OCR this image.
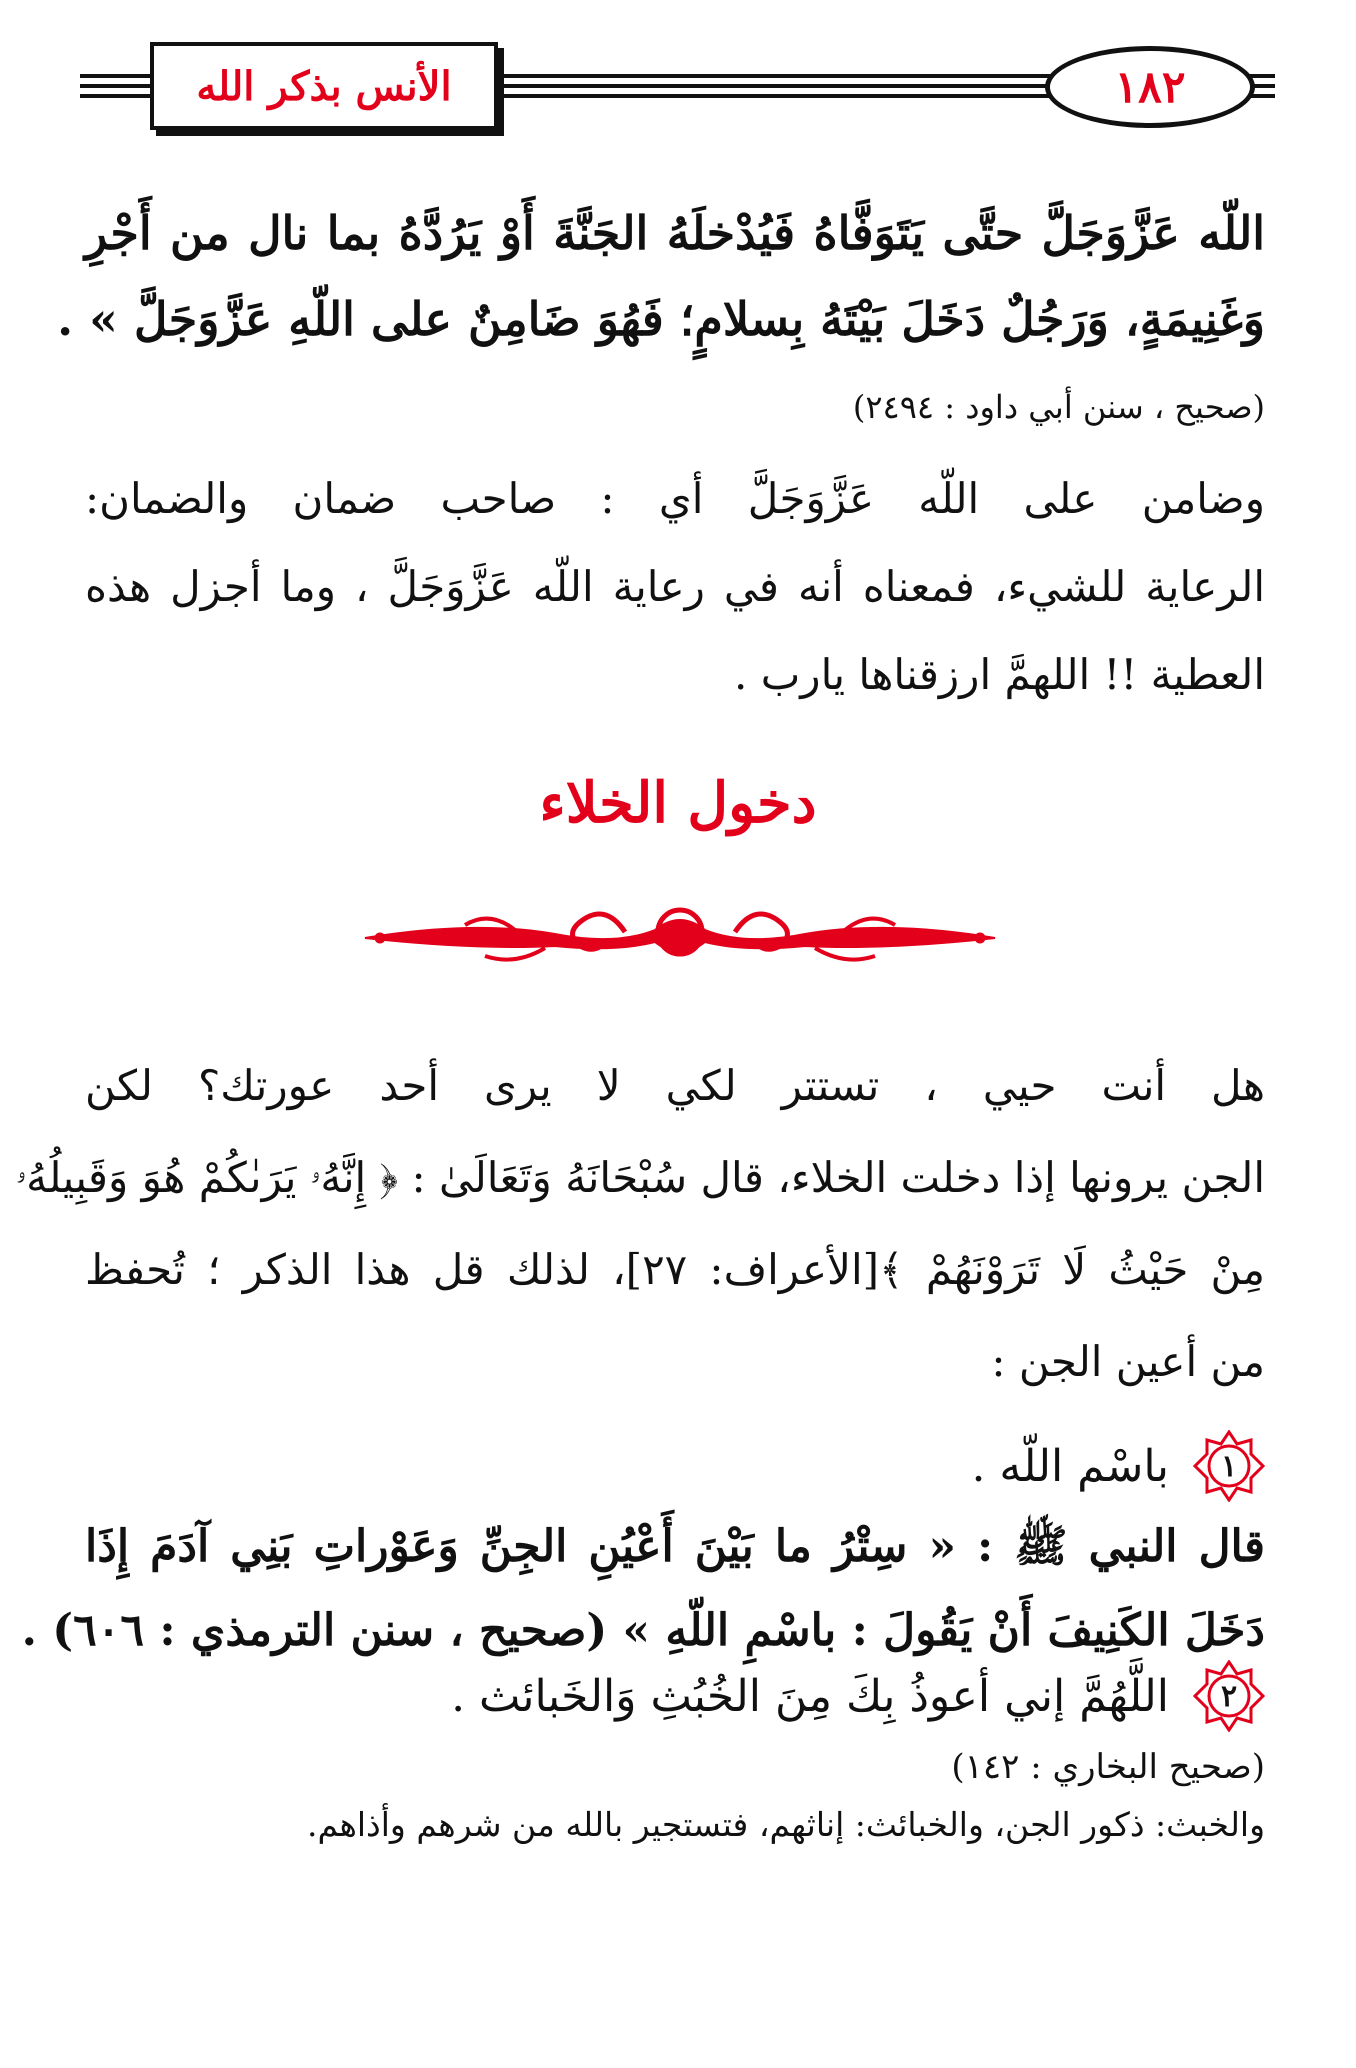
الأنس بذكر الله	١٨٢
اللّه عَزَّوَجَلَّ حتَّى يَتَوَفَّاهُ فَيُدْخلَهُ الجَنَّةَ أَوْ يَرُدَّهُ بما نال من أَجْرِ
وَغَنِيمَةٍ، وَرَجُلٌ دَخَلَ بَيْتَهُ بِسلامٍ؛ فَهُوَ ضَامِنٌ على اللّهِ عَزَّوَجَلَّ » .
(صحيح ، سنن أبي داود : ٢٤٩٤)
وضامن على اللّه عَزَّوَجَلَّ أي : صاحب ضمان والضمان:
الرعاية للشيء، فمعناه أنه في رعاية اللّه عَزَّوَجَلَّ ، وما أجزل هذه
العطية !! اللهمَّ ارزقناها يارب .
دخول الخلاء
هل أنت حيي ، تستتر لكي لا يرى أحد عورتك؟ لكن
الجن يرونها إذا دخلت الخلاء، قال سُبْحَانَهُ وَتَعَالَىٰ : ﴿ إِنَّهُۥ يَرَىٰكُمْ هُوَ وَقَبِيلُهُۥ
مِنْ حَيْثُ لَا تَرَوْنَهُمْ ﴾[الأعراف: ٢٧]، لذلك قل هذا الذكر ؛ تُحفظ
من أعين الجن :
١
باسْم اللّه .
قال النبي ﷺ : « سِتْرُ ما بَيْنَ أَعْيُنِ الجِنِّ وَعَوْراتِ بَنِي آدَمَ إِذَا
دَخَلَ الكَنِيفَ أَنْ يَقُولَ : باسْمِ اللّهِ » (صحيح ، سنن الترمذي : ٦٠٦) .
٢
اللَّهُمَّ إني أعوذُ بِكَ مِنَ الخُبُثِ وَالخَبائث .
(صحيح البخاري : ١٤٢)
والخبث: ذكور الجن، والخبائث: إناثهم، فتستجير بالله من شرهم وأذاهم.
